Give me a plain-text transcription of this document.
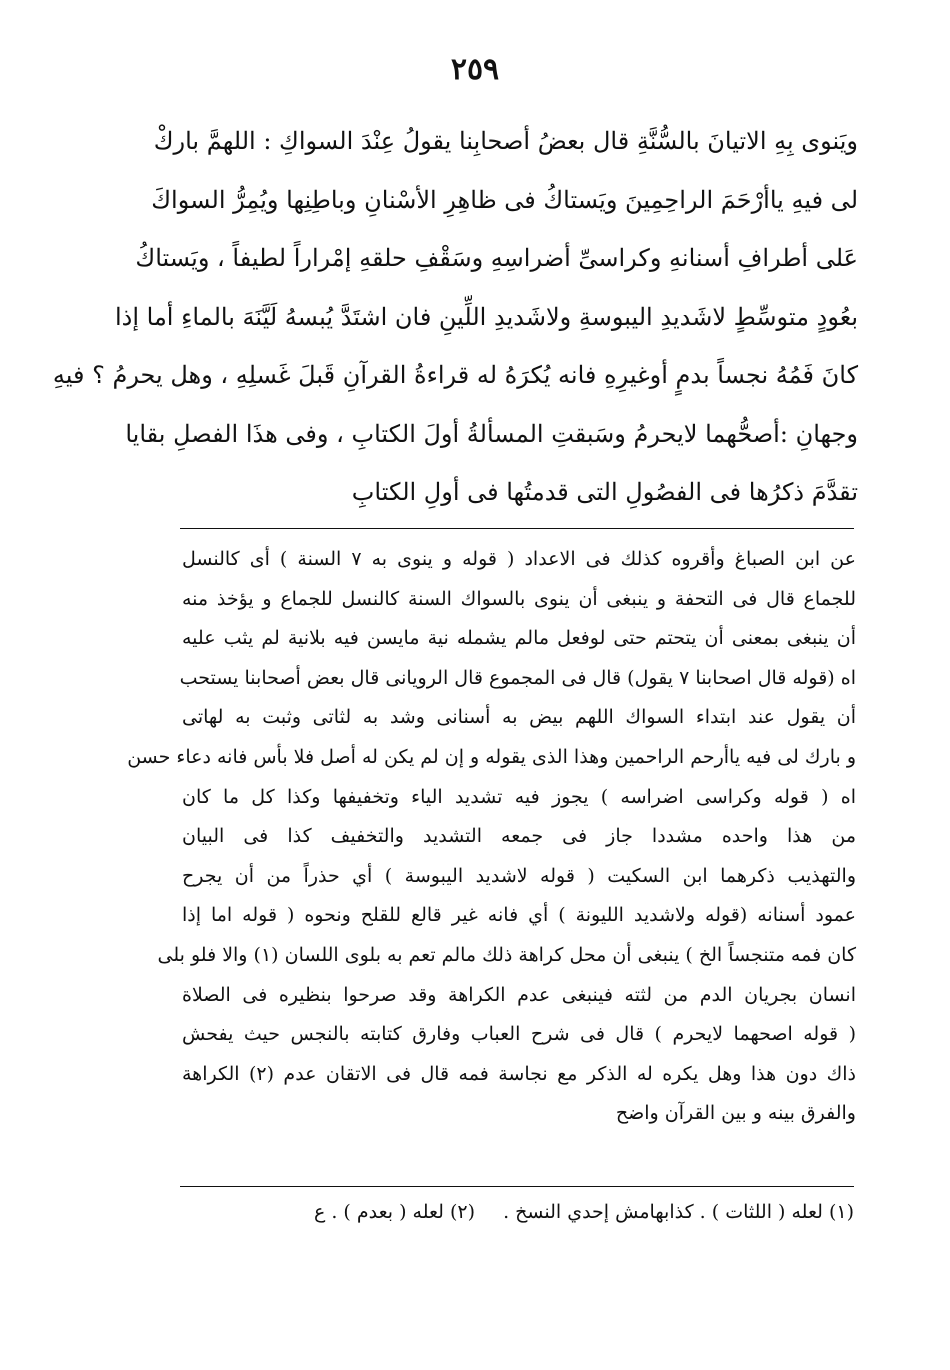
٢٥٩
ويَنوى بِهِ الاتيانَ بالسُّنَّةِ قال بعضُ أصحابِنا يقولُ عِنْدَ السواكِ : اللهمَّ باركْ
لى فيهِ ياأرْحَمَ الراحِمِينَ ويَستاكُ فى ظاهِرِ الأسْنانِ وباطِنِها ويُمِرُّ السواكَ
عَلى أطرافِ أسنانهِ وكراسىِّ أضراسِهِ وسَقْفِ حلقهِ إمْراراً لطيفاً ، ويَستاكُ
بعُودٍ متوسِّطٍ لاشَديدِ اليبوسةِ ولاشَديدِ اللِّينِ فان اشتَدَّ يُبسهُ لَيَّنَهَ بالماءِ أما إذا
كانَ فَمُهُ نجساً بدمٍ أوغيرِهِ فانه يُكرَهُ له قراءةُ القرآنِ قَبلَ غَسلِهِ ، وهل يحرمُ ؟ فيهِ
وجهانِ :أصحُّهما لايحرمُ وسَبقتِ المسألةُ أولَ الكتابِ ، وفى هذَا الفصلِ بقايا
تقدَّمَ ذكرُها فى الفصُولِ التى قدمتُها فى أولِ الكتابِ
عن ابن الصباغ وأقروه كذلك فى الاعداد ( قوله و ينوى به ٧ السنة ) أى كالنسل
للجماع قال فى التحفة و ينبغى أن ينوى بالسواك السنة كالنسل للجماع و يؤخذ منه
أن ينبغى بمعنى أن يتحتم حتى لوفعل مالم يشمله نية مايسن فيه بلانية لم يثب عليه
اه (قوله قال اصحابنا ٧ يقول) قال فى المجموع قال الرويانى قال بعض أصحابنا يستحب
أن يقول عند ابتداء السواك اللهم بيض به أسنانى وشد به لثاتى وثبت به لهاتى
و بارك لى فيه ياأرحم الراحمين وهذا الذى يقوله و إن لم يكن له أصل فلا بأس فانه دعاء حسن
اه ( قوله وكراسى اضراسه ) يجوز فيه تشديد الياء وتخفيفها وكذا كل ما كان
من هذا واحده مشددا جاز فى جمعه التشديد والتخفيف كذا فى البيان
والتهذيب ذكرهما ابن السكيت ( قوله لاشديد اليبوسة ) أي حذراً من أن يجرح
عمود أسنانه (قوله ولاشديد الليونة ) أي فانه غير قالع للقلح ونحوه ( قوله اما إذا
كان فمه متنجساً الخ ) ينبغى أن محل كراهة ذلك مالم تعم به بلوى اللسان (١) والا فلو بلى
انسان بجريان الدم من لثته فينبغى عدم الكراهة وقد صرحوا بنظيره فى الصلاة
( قوله اصحهما لايحرم ) قال فى شرح العباب وفارق كتابته بالنجس حيث يفحش
ذاك دون هذا وهل يكره له الذكر مع نجاسة فمه قال فى الاتقان عدم (٢) الكراهة
والفرق بينه و بين القرآن واضح
(١) لعله ( اللثات ) . كذابهامش إحدي النسخ .(٢) لعله ( بعدم ) . ع
